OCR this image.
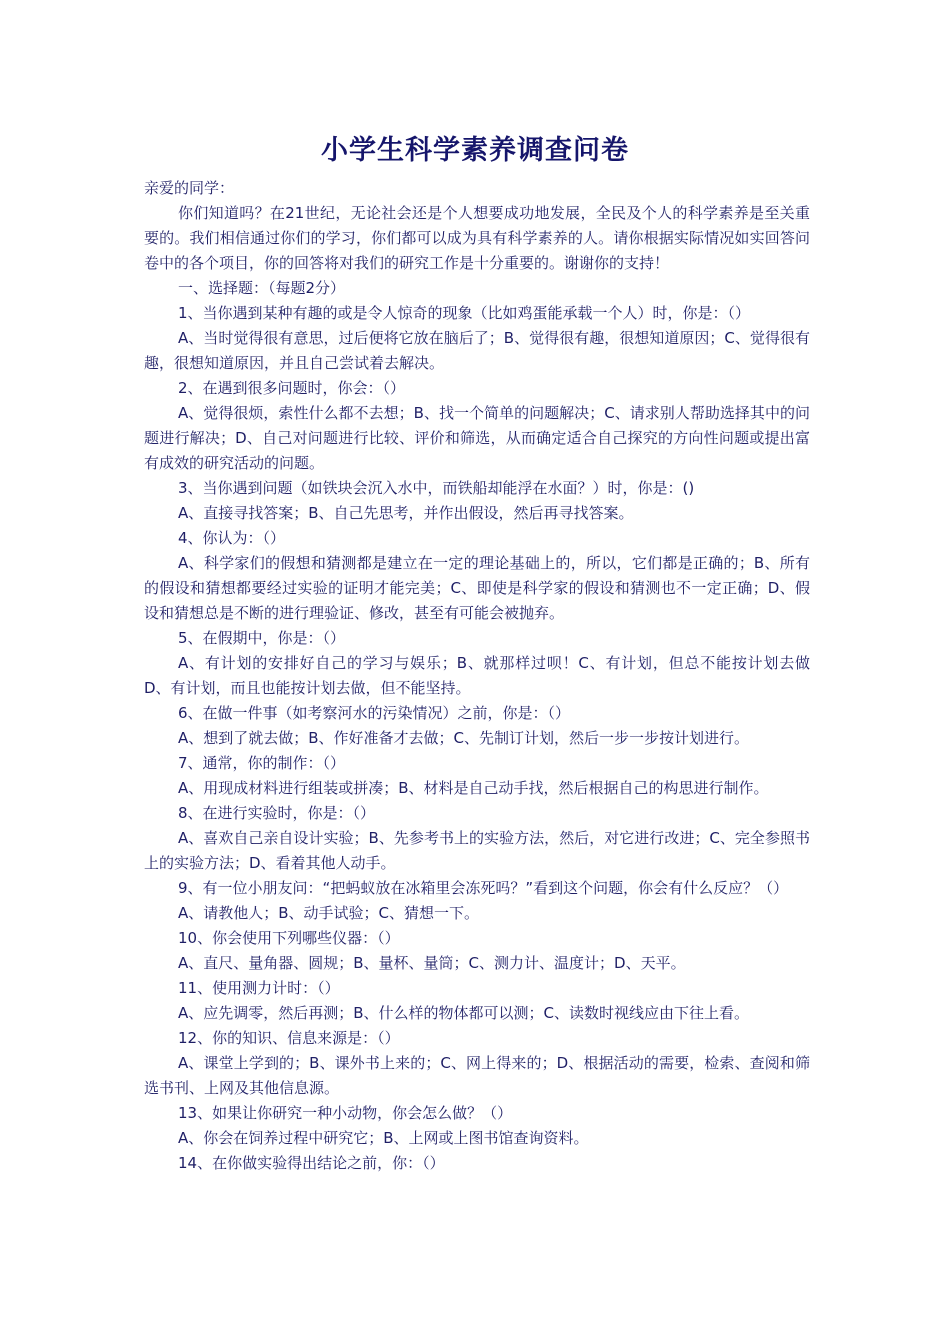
小学生科学素养调查问卷

亲爱的同学：

你们知道吗？在21世纪，无论社会还是个人想要成功地发展，全民及个人的科学素养是至关重要的。我们相信通过你们的学习，你们都可以成为具有科学素养的人。请你根据实际情况如实回答问卷中的各个项目，你的回答将对我们的研究工作是十分重要的。谢谢你的支持！

一、选择题：（每题2分）

1、当你遇到某种有趣的或是令人惊奇的现象（比如鸡蛋能承载一个人）时，你是：（）

A、当时觉得很有意思，过后便将它放在脑后了；B、觉得很有趣，很想知道原因；C、觉得很有趣，很想知道原因，并且自己尝试着去解决。

2、在遇到很多问题时，你会：（）

A、觉得很烦，索性什么都不去想；B、找一个简单的问题解决；C、请求别人帮助选择其中的问题进行解决；D、自己对问题进行比较、评价和筛选，从而确定适合自己探究的方向性问题或提出富有成效的研究活动的问题。

3、当你遇到问题（如铁块会沉入水中，而铁船却能浮在水面？）时，你是：()

A、直接寻找答案；B、自己先思考，并作出假设，然后再寻找答案。

4、你认为：（）

A、科学家们的假想和猜测都是建立在一定的理论基础上的，所以，它们都是正确的；B、所有的假设和猜想都要经过实验的证明才能完美；C、即使是科学家的假设和猜测也不一定正确；D、假设和猜想总是不断的进行理验证、修改，甚至有可能会被抛弃。

5、在假期中，你是：（）

A、有计划的安排好自己的学习与娱乐；B、就那样过呗！C、有计划，但总不能按计划去做 D、有计划，而且也能按计划去做，但不能坚持。

6、在做一件事（如考察河水的污染情况）之前，你是：（）

A、想到了就去做；B、作好准备才去做；C、先制订计划，然后一步一步按计划进行。

7、通常，你的制作：（）

A、用现成材料进行组装或拼凑；B、材料是自己动手找，然后根据自己的构思进行制作。

8、在进行实验时，你是：（）

A、喜欢自己亲自设计实验；B、先参考书上的实验方法，然后，对它进行改进；C、完全参照书上的实验方法；D、看着其他人动手。

9、有一位小朋友问：“把蚂蚁放在冰箱里会冻死吗？”看到这个问题，你会有什么反应？（）

A、请教他人；B、动手试验；C、猜想一下。

10、你会使用下列哪些仪器：（）

A、直尺、量角器、圆规；B、量杯、量筒；C、测力计、温度计；D、天平。

11、使用测力计时：（）

A、应先调零，然后再测；B、什么样的物体都可以测；C、读数时视线应由下往上看。

12、你的知识、信息来源是：（）

A、课堂上学到的；B、课外书上来的；C、网上得来的；D、根据活动的需要，检索、查阅和筛选书刊、上网及其他信息源。

13、如果让你研究一种小动物，你会怎么做？（）

A、你会在饲养过程中研究它；B、上网或上图书馆查询资料。

14、在你做实验得出结论之前，你：（）
